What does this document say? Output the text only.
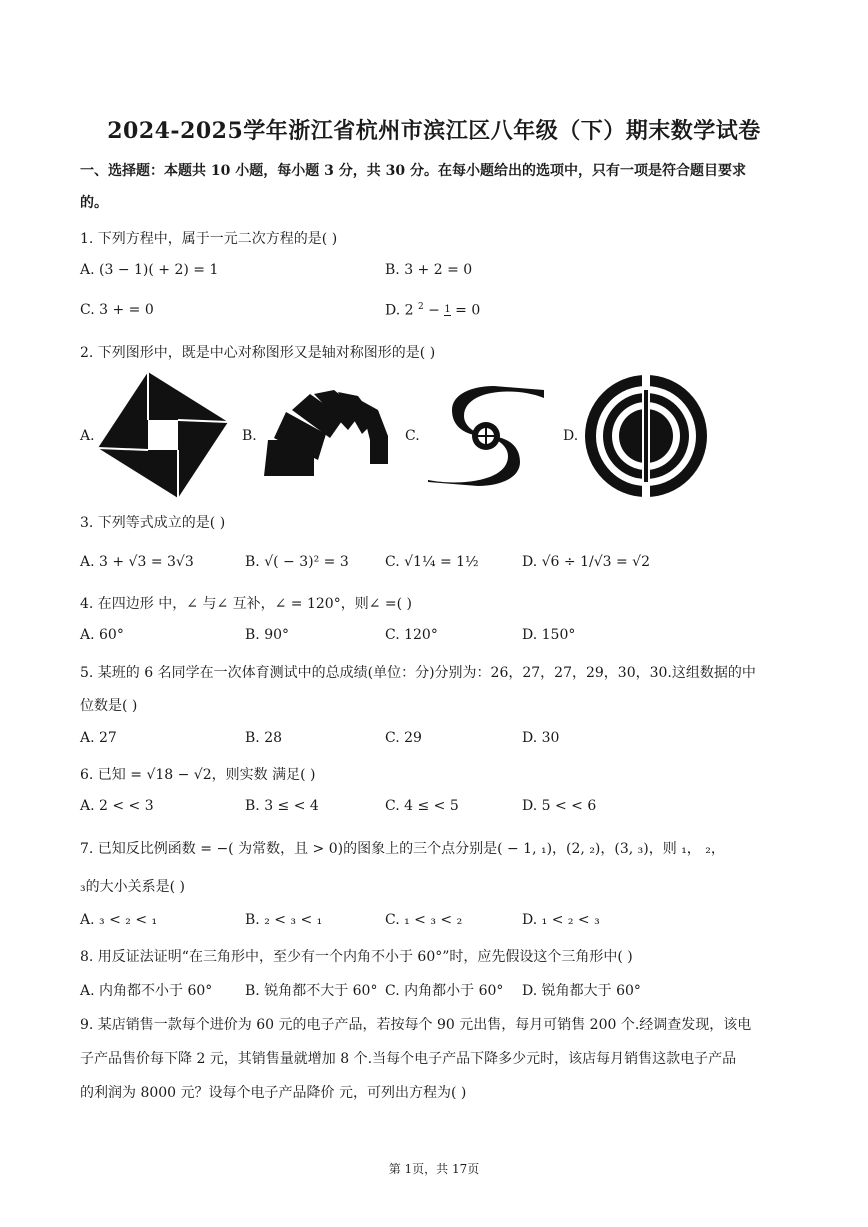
2024-2025学年浙江省杭州市滨江区八年级（下）期末数学试卷
一、选择题：本题共 10 小题，每小题 3 分，共 30 分。在每小题给出的选项中，只有一项是符合题目要求
的。
1. 下列方程中，属于一元二次方程的是( )
A. (3 − 1)( + 2) = 1	B. 3 + 2 = 0
C. 3 + = 0	D. 2 $^2$ − 1 = 0
2. 下列图形中，既是中心对称图形又是轴对称图形的是( )
A.	B.	C.	D.
3. 下列等式成立的是( )
A. 3 + √3 = 3√3	B. √( − 3)² = 3	C. √1¼ = 1½	D. √6 ÷ 1/√3 = √2
4. 在四边形 中，∠ 与∠ 互补，∠ = 120°，则∠ =( )
A. 60°	B. 90°	C. 120°	D. 150°
5. 某班的 6 名同学在一次体育测试中的总成绩(单位：分)分别为：26，27，27，29，30，30.这组数据的中
位数是( )
A. 27	B. 28	C. 29	D. 30
6. 已知 = √18 − √2，则实数 满足( )
A. 2 < < 3	B. 3 ≤ < 4	C. 4 ≤ < 5	D. 5 < < 6
7. 已知反比例函数 = −( 为常数，且 > 0)的图象上的三个点分别是( − 1, ₁)，(2, ₂)，(3, ₃)，则 ₁， ₂，
₃的大小关系是( )
A. ₃ < ₂ < ₁	B. ₂ < ₃ < ₁	C. ₁ < ₃ < ₂	D. ₁ < ₂ < ₃
8. 用反证法证明“在三角形中，至少有一个内角不小于 60°”时，应先假设这个三角形中( )
A. 内角都不小于 60° B. 锐角都不大于 60° C. 内角都小于 60° D. 锐角都大于 60°
9. 某店销售一款每个进价为 60 元的电子产品，若按每个 90 元出售，每月可销售 200 个.经调查发现，该电
子产品售价每下降 2 元，其销售量就增加 8 个.当每个电子产品下降多少元时，该店每月销售这款电子产品
的利润为 8000 元？设每个电子产品降价 元，可列出方程为( )
第 1页，共 17页
